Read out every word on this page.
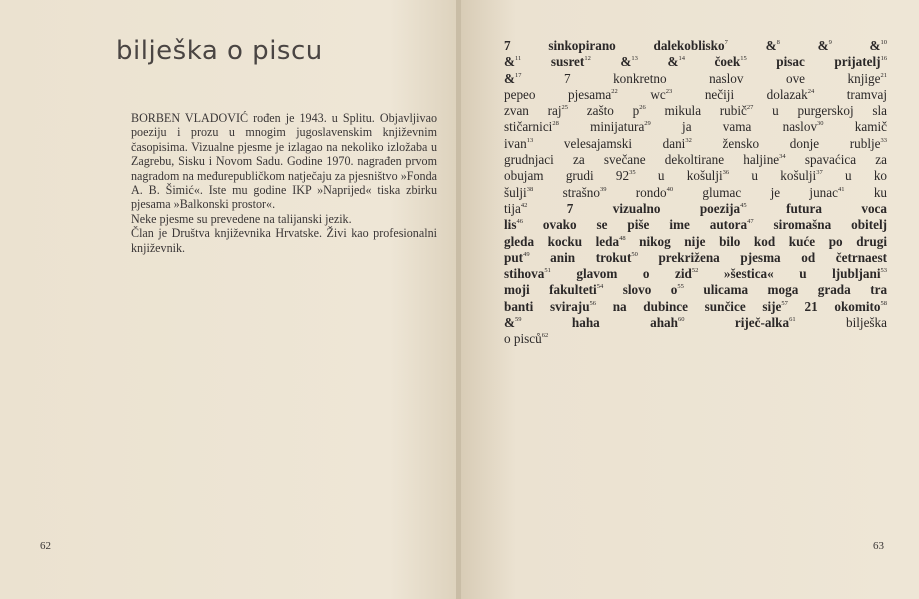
bilješka o piscu

BORBEN VLADOVIĆ rođen je 1943. u Splitu. Objavljivao poeziju i prozu u mnogim jugoslavenskim književnim časopisima. Vizualne pjesme je izlagao na nekoliko izložaba u Zagrebu, Sisku i Novom Sadu. Godine 1970. nagrađen prvom nagradom na međurepubličkom natječaju za pjesništvo »Fonda A. B. Šimić«. Iste mu godine IKP »Naprijed« tiska zbirku pjesama »Balkonski prostor«.

Neke pjesme su prevedene na talijanski jezik.

Član je Društva književnika Hrvatske. Živi kao profesionalni književnik.

62
7 sinkopirano	dalekoblisko$^7$	&$^8$	&$^9$	&$^{10}$
&$^{11}$ susret$^{12}$ &$^{13}$ &$^{14}$ čoek$^{15}$ pisac prijatelj$^{16}$
&$^{17}$	7 konkretno	naslov ove knjige$^{21}$
pepeo pjesama$^{22}$ $wc^{23}$ nečiji dolazak$^{24}$ tramvaj
zvan raj$^{25}$ zašto $p^{26}$ mikula rubič$^{27}$ u purgerskoj sla
stičarnici$^{28}$ minijatura$^{29}$ ja vama naslov$^{30}$ kamič
ivan$^{13}$ velesajamski dani$^{32}$ žensko donje rublje$^{33}$
grudnjaci za svečane dekoltirane haljine$^{34}$ spavaćica za
obujam grudi $92^{35}$ u košulji$^{36}$ u košulji$^{37}$ u ko
šulji$^{38}$ strašno$^{39}$ rondo$^{40}$ glumac je junac$^{41}$ ku
tija$^{42}$	7 vizualno	poezija$^{45}$	futura voca
lis$^{46}$ ovako se piše ime autora$^{47}$ siromašna obitelj
gleda kocku leda$^{48}$ nikog nije bilo kod kuće po drugi
put$^{49}$ anin trokut$^{50}$ prekrižena pjesma od četrnaest
stihova$^{51}$ glavom o zid$^{52}$ »šestica« u ljubljani$^{53}$
moji fakulteti$^{54}$ slovo $o^{55}$ ulicama moga grada tra
banti sviraju$^{56}$ na dubince sunčice sije$^{57}$ 21 okomito$^{58}$
&$^{59}$	haha ahah$^{60}$	riječ-alka$^{61}$	bilješka
o pisců$^{62}$
63
